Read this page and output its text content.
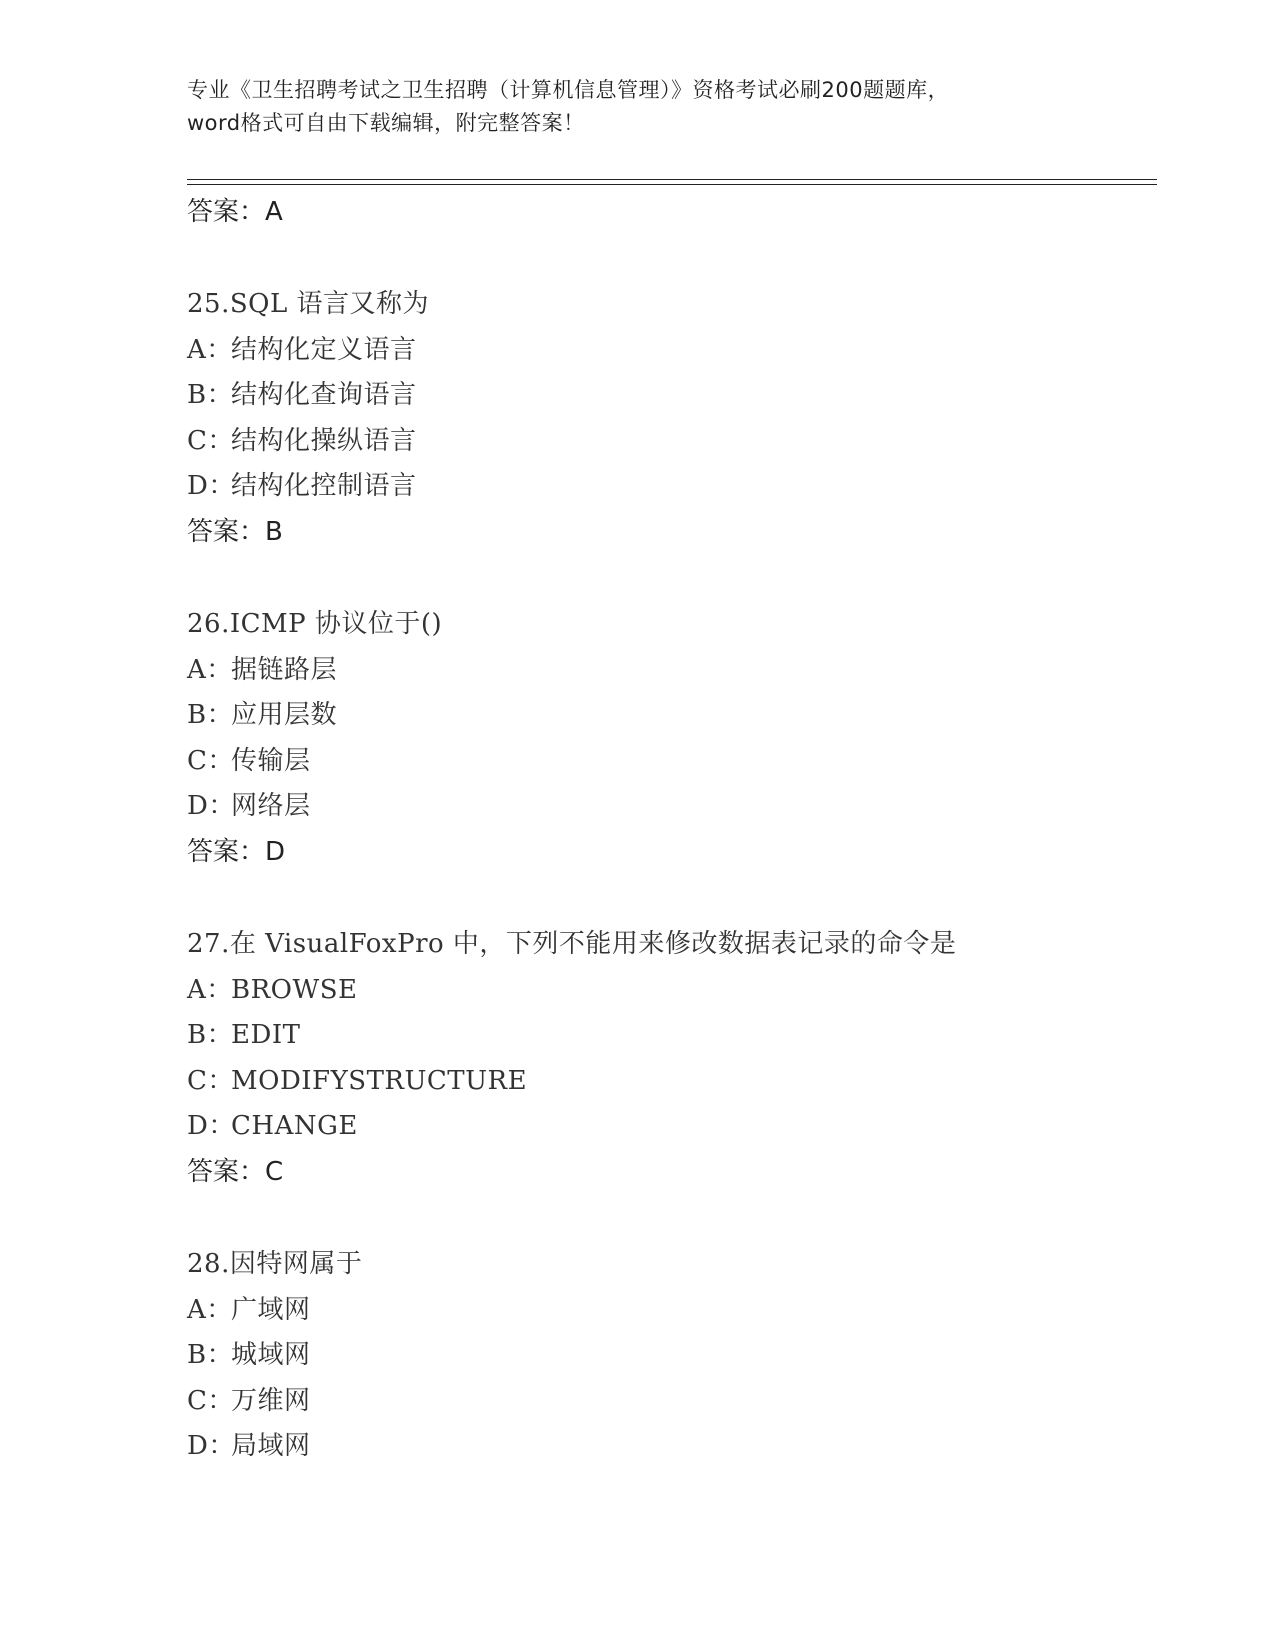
专业《卫生招聘考试之卫生招聘（计算机信息管理）》资格考试必刷200题题库，

word格式可自由下载编辑，附完整答案！

答案：A
25.SQL 语言又称为
A：结构化定义语言
B：结构化查询语言
C：结构化操纵语言
D：结构化控制语言
答案：B
26.ICMP 协议位于()
A：据链路层
B：应用层数
C：传输层
D：网络层
答案：D
27.在 VisualFoxPro 中，下列不能用来修改数据表记录的命令是
A：BROWSE
B：EDIT
C：MODIFYSTRUCTURE
D：CHANGE
答案：C
28.因特网属于
A：广域网
B：城域网
C：万维网
D：局域网
